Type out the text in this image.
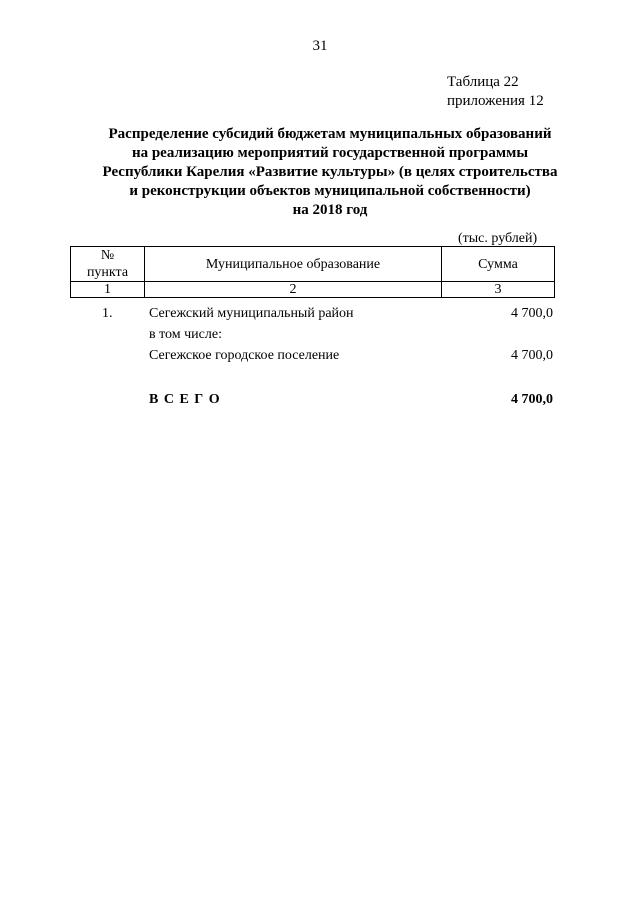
31
Таблица 22
приложения 12
Распределение субсидий бюджетам муниципальных образований
на реализацию мероприятий государственной программы
Республики Карелия «Развитие культуры» (в целях строительства
и реконструкции объектов муниципальной собственности)
на 2018 год
(тыс. рублей)
№
пункта	Муниципальное образование	Сумма
1	2	3
1.	Сегежский муниципальный район	4 700,0
в том числе:
Сегежское городское поселение	4 700,0
В С Е Г О	4 700,0
